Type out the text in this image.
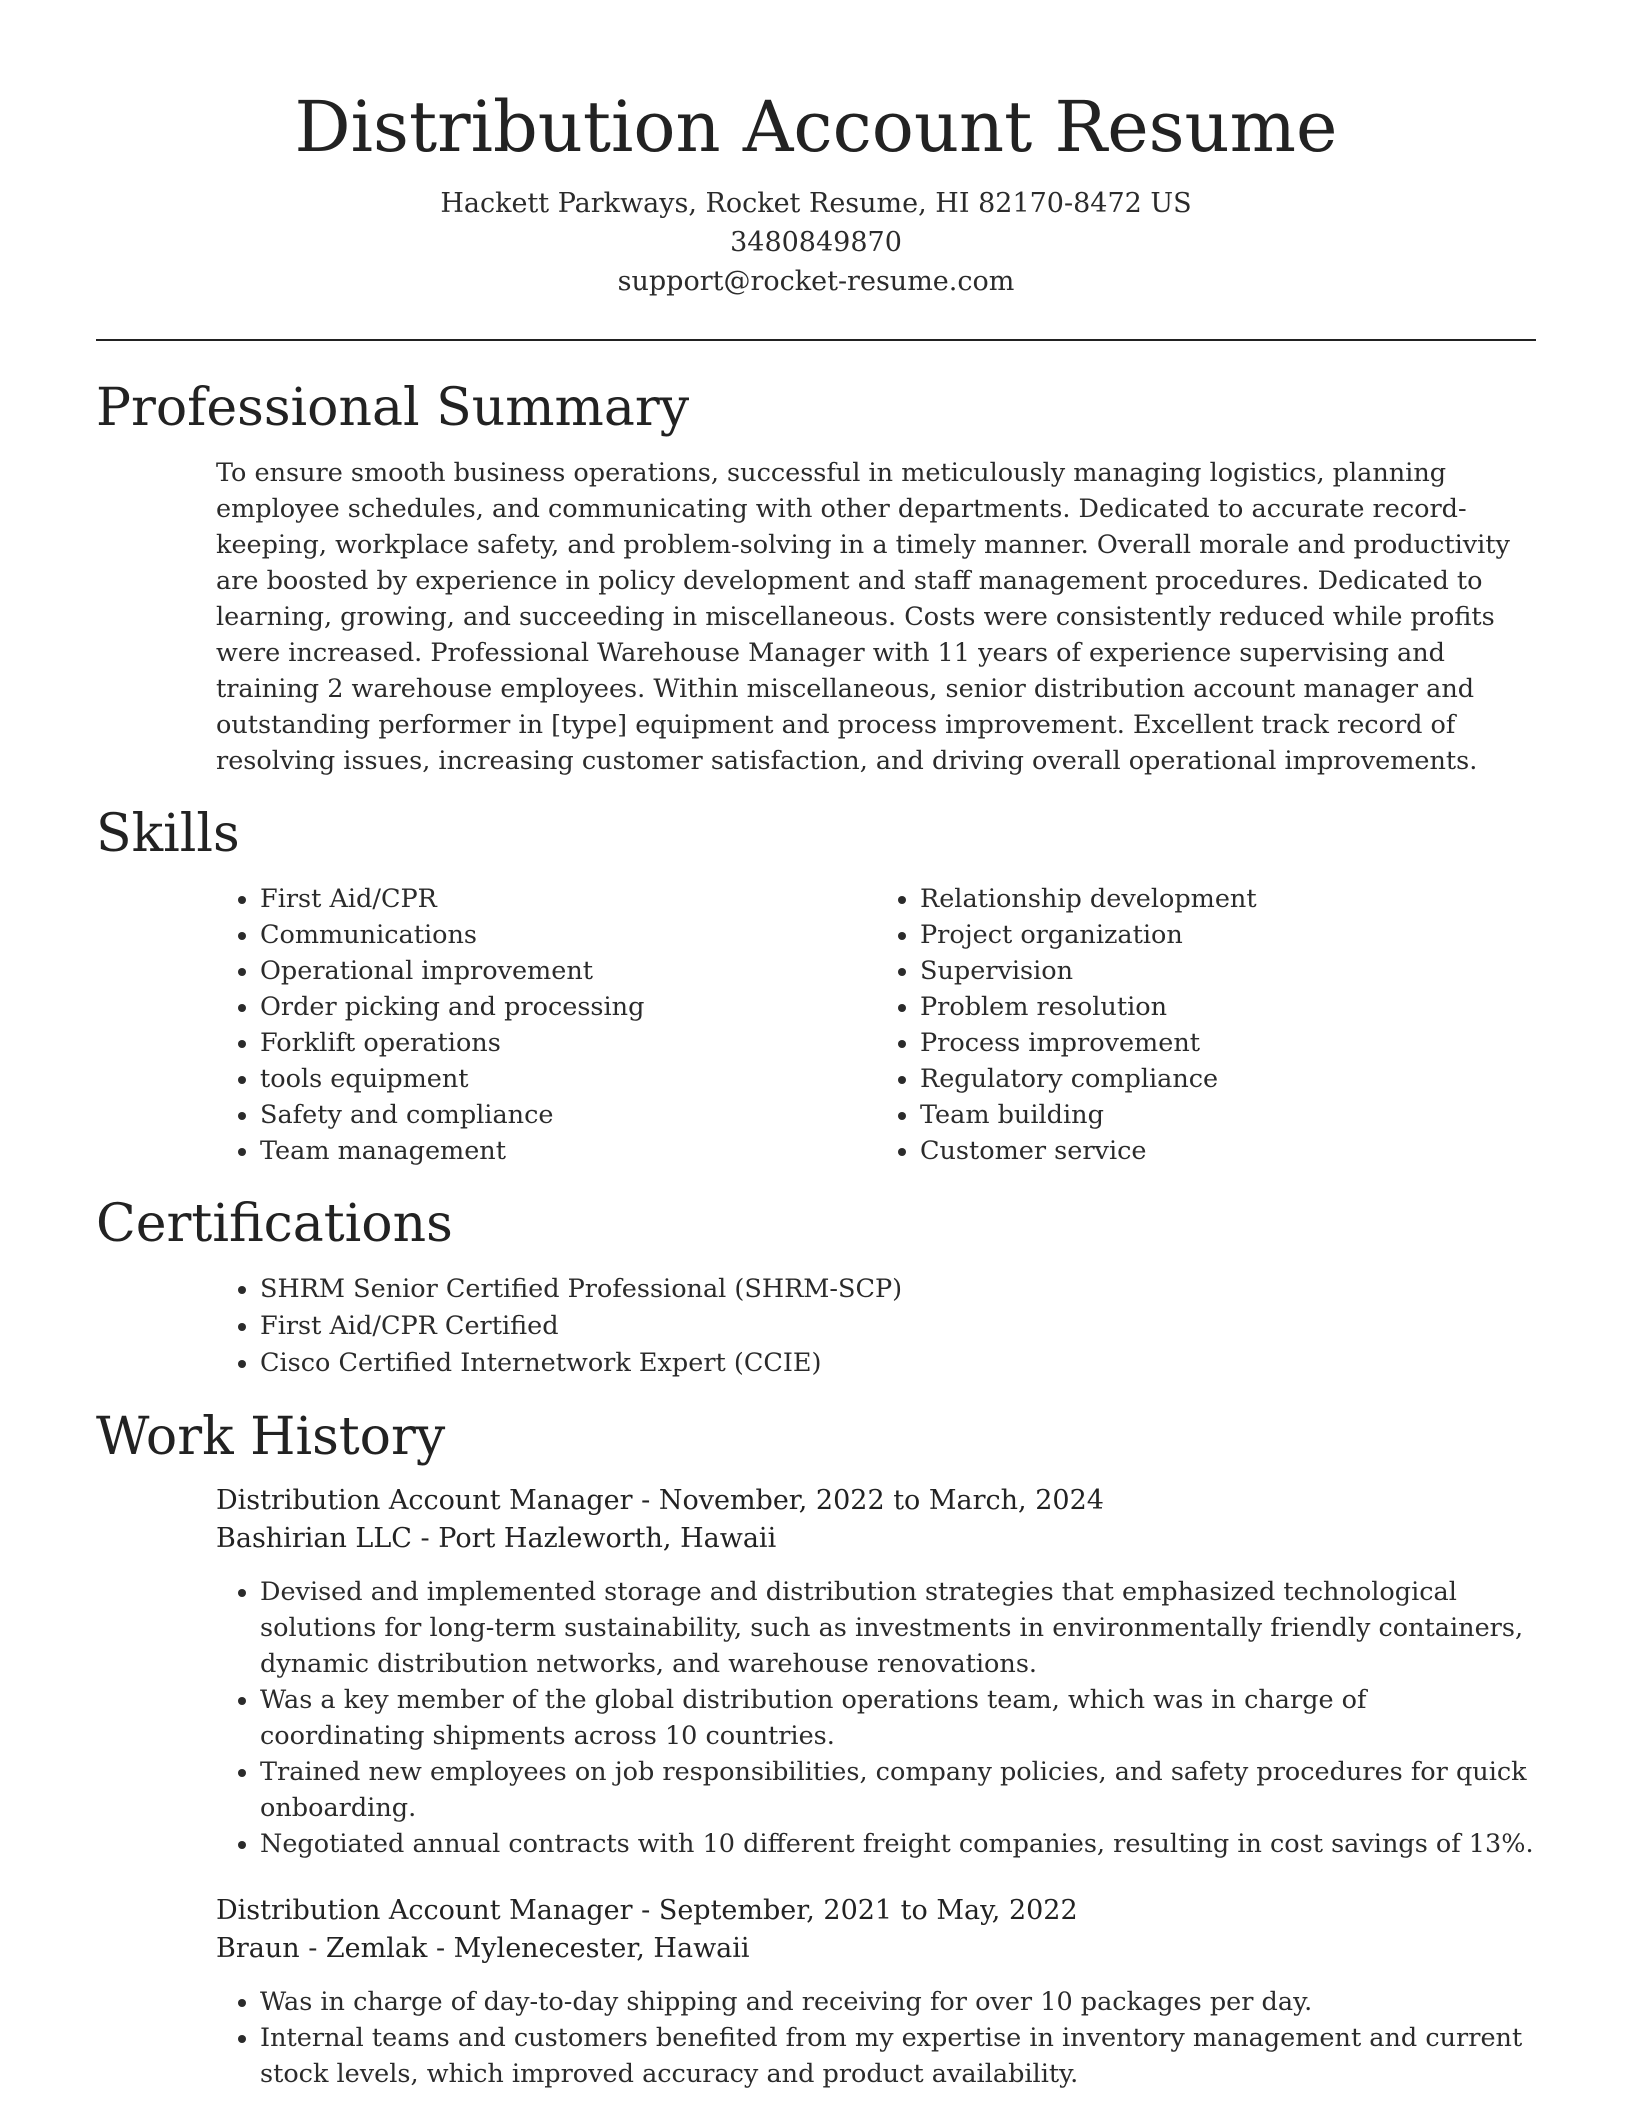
Distribution Account Resume
Hackett Parkways, Rocket Resume, HI 82170-8472 US
3480849870
support@rocket-resume.com
Professional Summary
To ensure smooth business operations, successful in meticulously managing logistics, planning employee schedules, and communicating with other departments. Dedicated to accurate record-keeping, workplace safety, and problem-solving in a timely manner. Overall morale and productivity are boosted by experience in policy development and staff management procedures. Dedicated to learning, growing, and succeeding in miscellaneous. Costs were consistently reduced while profits were increased. Professional Warehouse Manager with 11 years of experience supervising and training 2 warehouse employees. Within miscellaneous, senior distribution account manager and outstanding performer in [type] equipment and process improvement. Excellent track record of resolving issues, increasing customer satisfaction, and driving overall operational improvements.
Skills
• First Aid/CPR
• Communications
• Operational improvement
• Order picking and processing
• Forklift operations
• tools equipment
• Safety and compliance
• Team management
• Relationship development
• Project organization
• Supervision
• Problem resolution
• Process improvement
• Regulatory compliance
• Team building
• Customer service
Certifications
• SHRM Senior Certified Professional (SHRM-SCP)
• First Aid/CPR Certified
• Cisco Certified Internetwork Expert (CCIE)
Work History
Distribution Account Manager - November, 2022 to March, 2024
Bashirian LLC - Port Hazleworth, Hawaii
• Devised and implemented storage and distribution strategies that emphasized technological solutions for long-term sustainability, such as investments in environmentally friendly containers, dynamic distribution networks, and warehouse renovations.
• Was a key member of the global distribution operations team, which was in charge of coordinating shipments across 10 countries.
• Trained new employees on job responsibilities, company policies, and safety procedures for quick onboarding.
• Negotiated annual contracts with 10 different freight companies, resulting in cost savings of 13%.
Distribution Account Manager - September, 2021 to May, 2022
Braun - Zemlak - Mylenecester, Hawaii
• Was in charge of day-to-day shipping and receiving for over 10 packages per day.
• Internal teams and customers benefited from my expertise in inventory management and current stock levels, which improved accuracy and product availability.
